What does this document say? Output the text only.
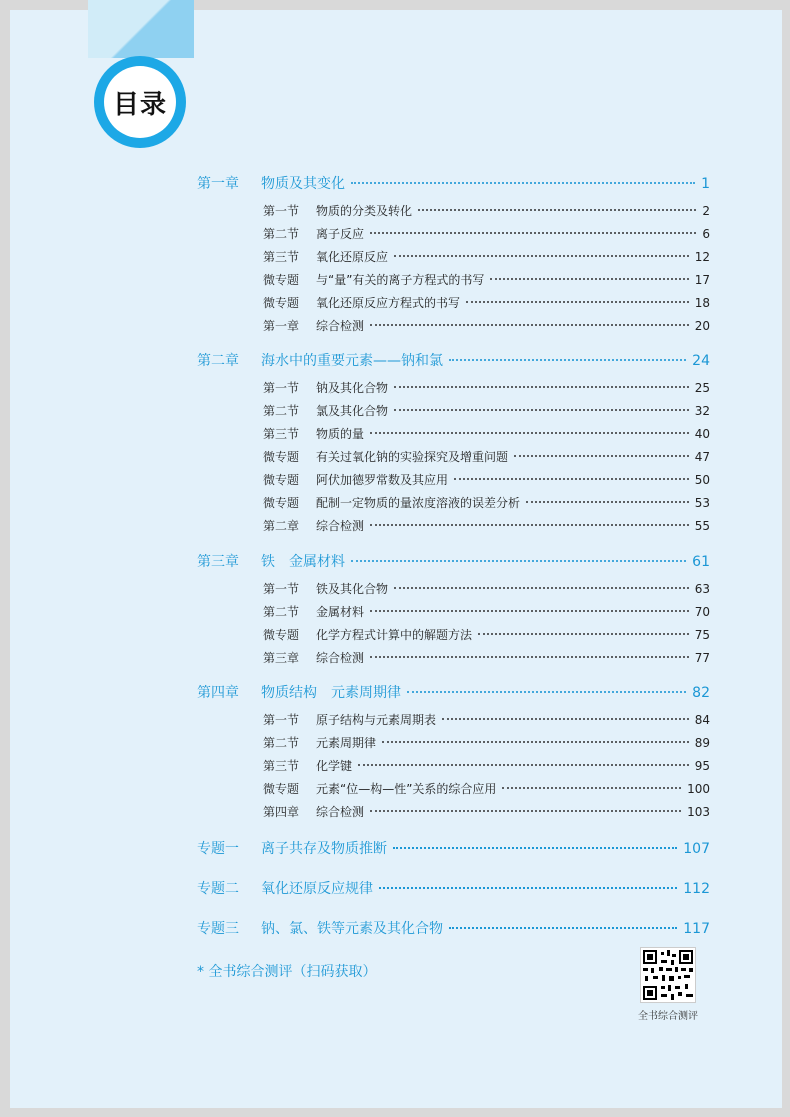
目录
第一章	物质及其变化	1
第一节	物质的分类及转化	2
第二节	离子反应	6
第三节	氧化还原反应	12
微专题	与“量”有关的离子方程式的书写	17
微专题	氧化还原反应方程式的书写	18
第一章	综合检测	20
第二章	海水中的重要元素——钠和氯	24
第一节	钠及其化合物	25
第二节	氯及其化合物	32
第三节	物质的量	40
微专题	有关过氧化钠的实验探究及增重问题	47
微专题	阿伏加德罗常数及其应用	50
微专题	配制一定物质的量浓度溶液的误差分析	53
第二章	综合检测	55
第三章	铁　金属材料	61
第一节	铁及其化合物	63
第二节	金属材料	70
微专题	化学方程式计算中的解题方法	75
第三章	综合检测	77
第四章	物质结构　元素周期律	82
第一节	原子结构与元素周期表	84
第二节	元素周期律	89
第三节	化学键	95
微专题	元素“位—构—性”关系的综合应用	100
第四章	综合检测	103
专题一	离子共存及物质推断	107
专题二	氧化还原反应规律	112
专题三	钠、氯、铁等元素及其化合物	117
* 全书综合测评（扫码获取）
全书综合测评
